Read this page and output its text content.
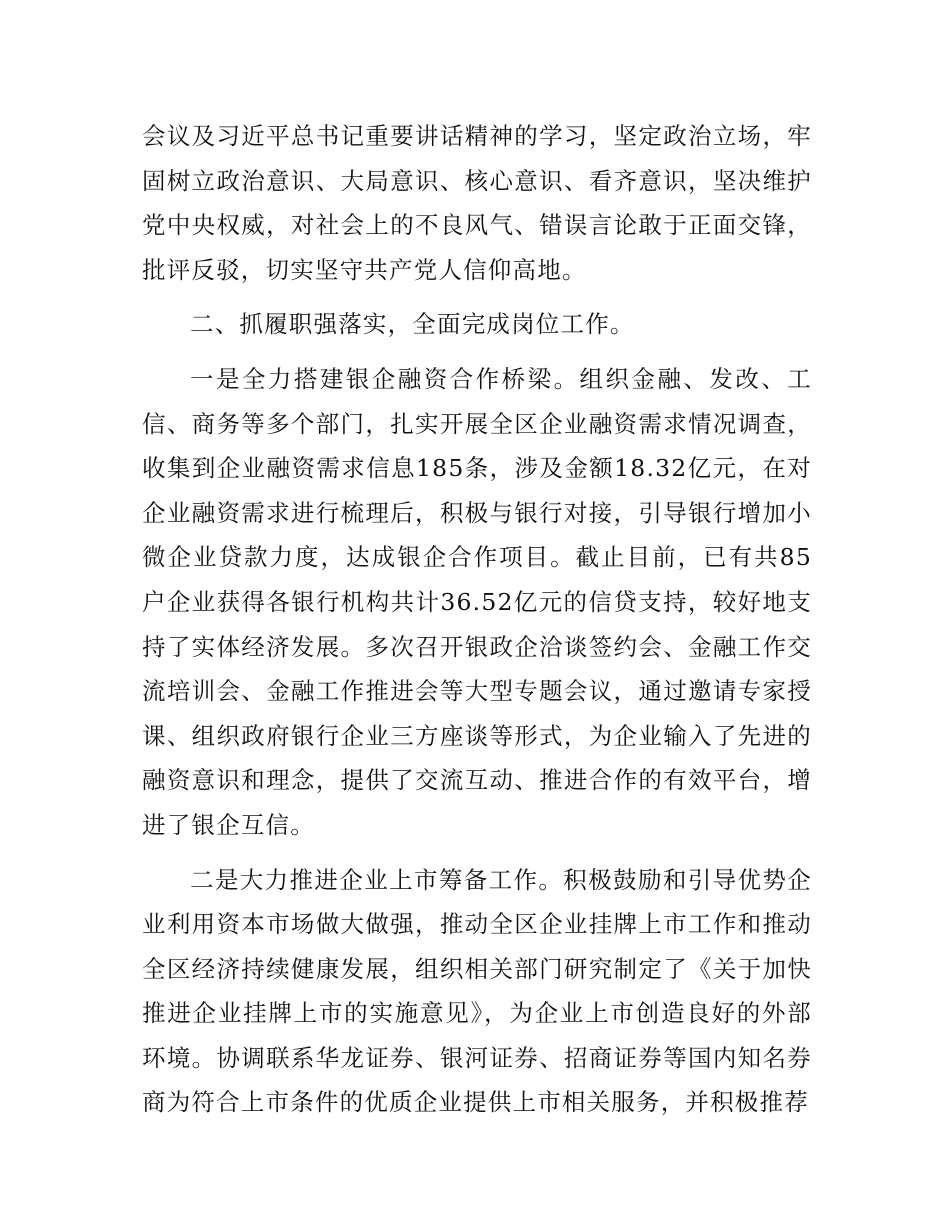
会议及习近平总书记重要讲话精神的学习，坚定政治立场，牢固树立政治意识、大局意识、核心意识、看齐意识，坚决维护党中央权威，对社会上的不良风气、错误言论敢于正面交锋，批评反驳，切实坚守共产党人信仰高地。

二、抓履职强落实，全面完成岗位工作。

一是全力搭建银企融资合作桥梁。组织金融、发改、工信、商务等多个部门，扎实开展全区企业融资需求情况调查，收集到企业融资需求信息185条，涉及金额18.32亿元，在对企业融资需求进行梳理后，积极与银行对接，引导银行增加小微企业贷款力度，达成银企合作项目。截止目前，已有共85户企业获得各银行机构共计36.52亿元的信贷支持，较好地支持了实体经济发展。多次召开银政企洽谈签约会、金融工作交流培训会、金融工作推进会等大型专题会议，通过邀请专家授课、组织政府银行企业三方座谈等形式，为企业输入了先进的融资意识和理念，提供了交流互动、推进合作的有效平台，增进了银企互信。

二是大力推进企业上市筹备工作。积极鼓励和引导优势企业利用资本市场做大做强，推动全区企业挂牌上市工作和推动全区经济持续健康发展，组织相关部门研究制定了《关于加快推进企业挂牌上市的实施意见》，为企业上市创造良好的外部环境。协调联系华龙证券、银河证券、招商证券等国内知名券商为符合上市条件的优质企业提供上市相关服务，并积极推荐
